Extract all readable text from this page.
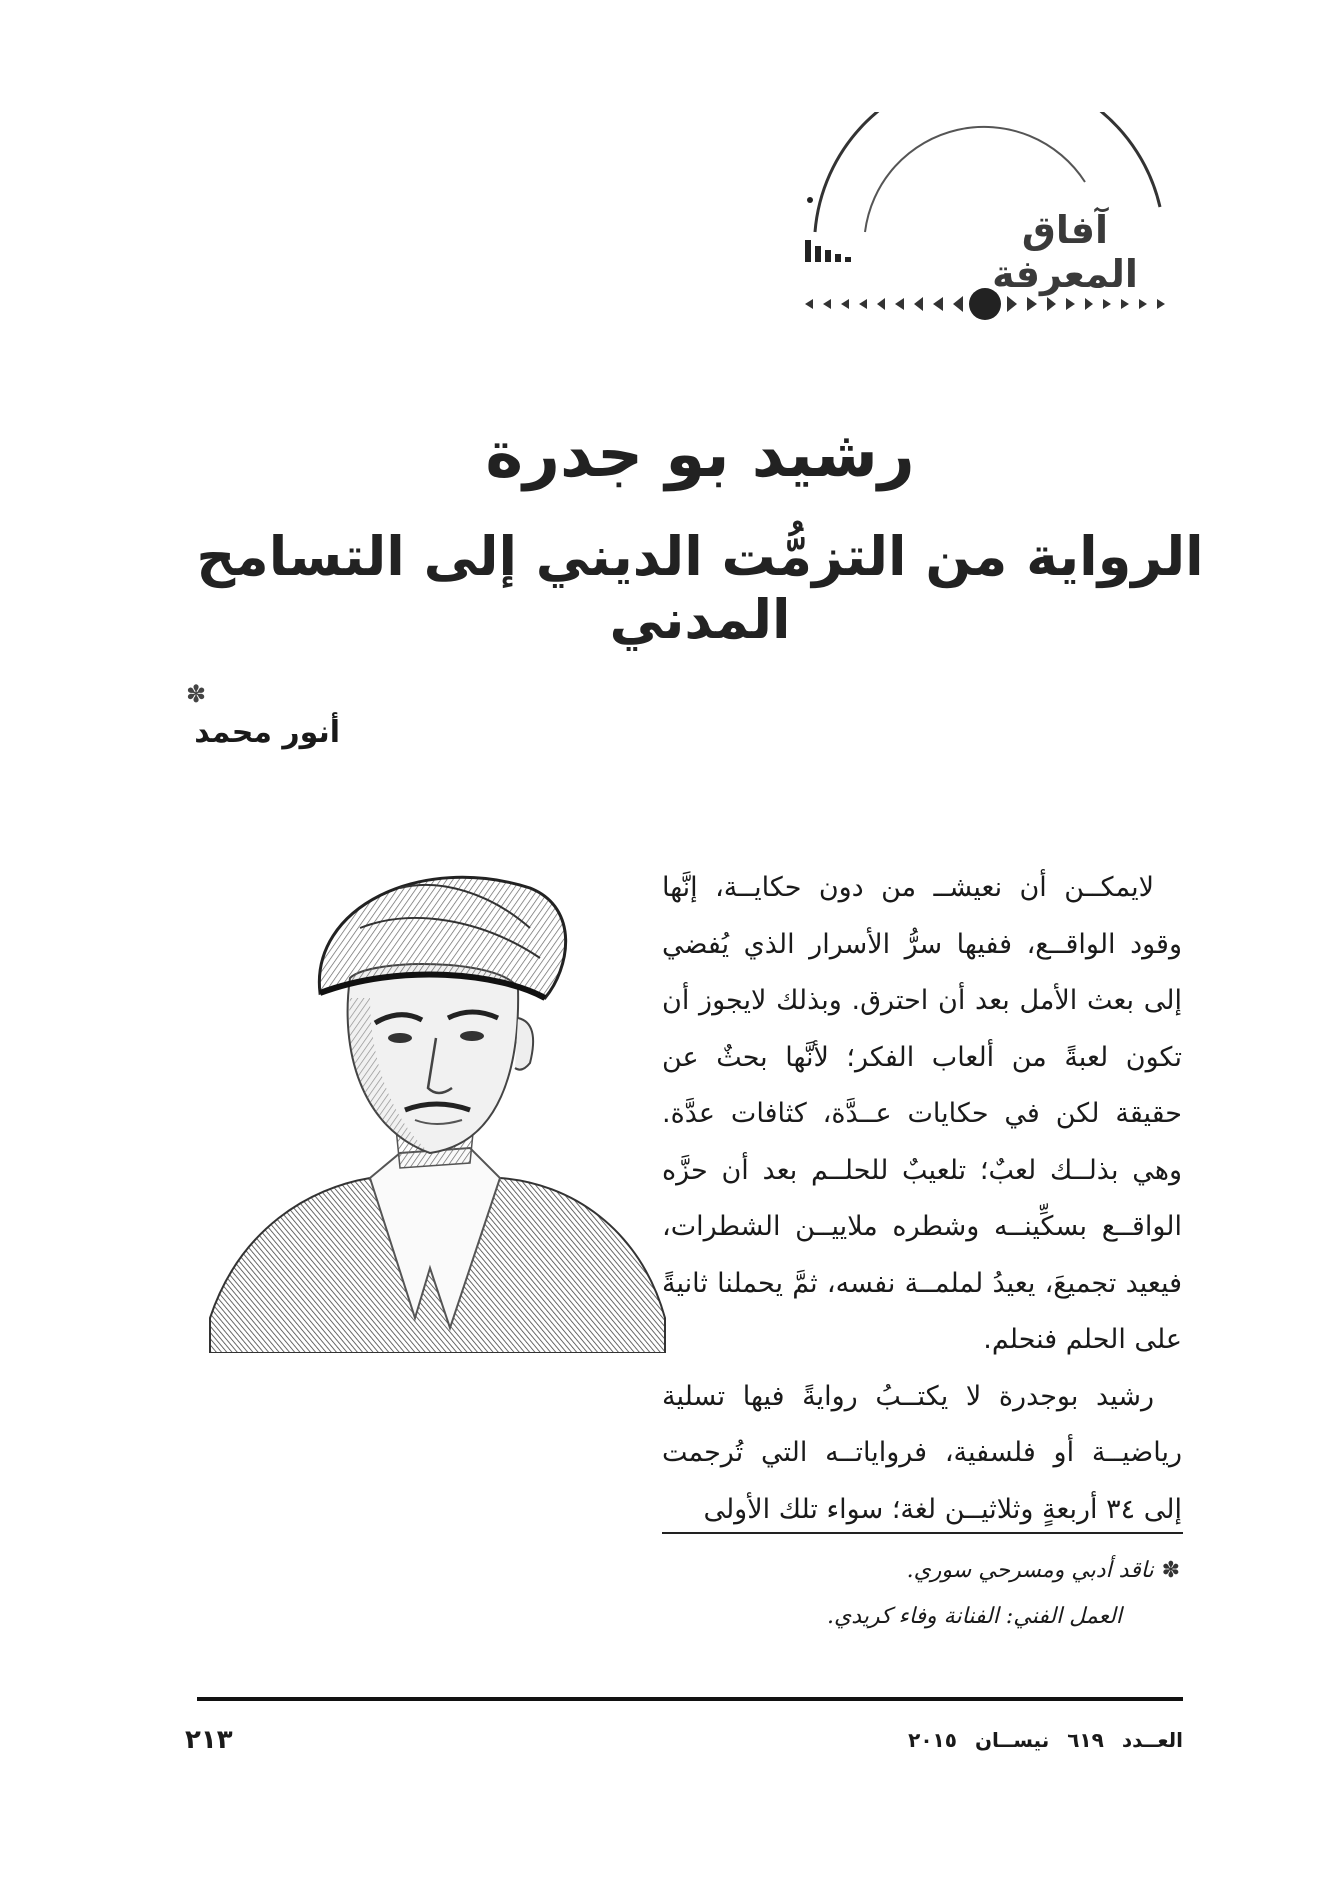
آفاق المعرفة
رشيد بو جدرة
الرواية من التزمُّت الديني إلى التسامح المدني
✽
أنور محمد

لايمكــن أن نعيشــ من دون حكايــة، إنَّها وقود الواقــع، ففيها سرُّ الأسرار الذي يُفضي إلى بعث الأمل بعد أن احترق. وبذلك لايجوز أن تكون لعبةً من ألعاب الفكر؛ لأنَّها بحثٌ عن حقيقة لكن في حكايات عــدَّة، كثافات عدَّة. وهي بذلــك لعبٌ؛ تلعيبٌ للحلــم بعد أن حزَّه الواقــع بسكِّينــه وشطره ملاييــن الشطرات، فيعيد تجميعَ، يعيدُ لملمــة نفسه، ثمَّ يحملنا ثانيةً على الحلم فنحلم.

رشيد بوجدرة لا يكتــبُ روايةً فيها تسلية رياضيــة أو فلسفية، فرواياتــه التي تُرجمت إلى ٣٤ أربعةٍ وثلاثيــن لغة؛ سواء تلك الأولى

✽ناقد أدبي ومسرحي سوري.
العمل الفني: الفنانة وفاء كريدي.
العــدد٦١٩نيســان٢٠١٥
٢١٣
